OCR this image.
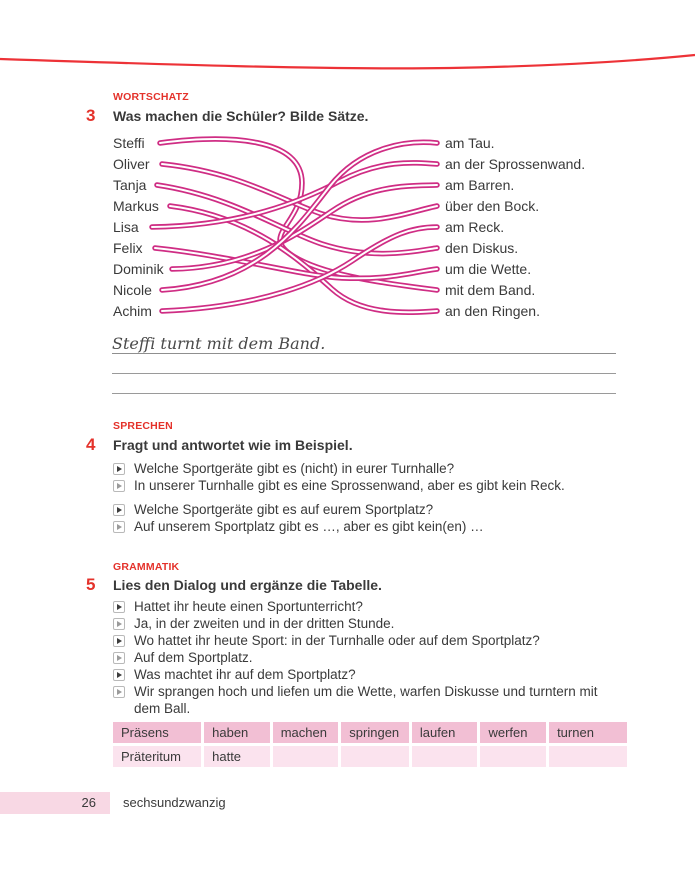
WORTSCHATZ
3 Was machen die Schüler? Bilde Sätze.
Steffi
Oliver
Tanja
Markus
Lisa
Felix
Dominik
Nicole
Achim
am Tau.
an der Sprossenwand.
am Barren.
über den Bock.
am Reck.
den Diskus.
um die Wette.
mit dem Band.
an den Ringen.
Steffi turnt mit dem Band.
SPRECHEN
4 Fragt und antwortet wie im Beispiel.
Welche Sportgeräte gibt es (nicht) in eurer Turnhalle?
In unserer Turnhalle gibt es eine Sprossenwand, aber es gibt kein Reck.
Welche Sportgeräte gibt es auf eurem Sportplatz?
Auf unserem Sportplatz gibt es …, aber es gibt kein(en) …
GRAMMATIK
5 Lies den Dialog und ergänze die Tabelle.
Hattet ihr heute einen Sportunterricht?
Ja, in der zweiten und in der dritten Stunde.
Wo hattet ihr heute Sport: in der Turnhalle oder auf dem Sportplatz?
Auf dem Sportplatz.
Was machtet ihr auf dem Sportplatz?
Wir sprangen hoch und liefen um die Wette, warfen Diskusse und turntern mit dem Ball.
Präsens	haben	machen	springen	laufen	werfen	turnen
Präteritum	hatte					
26	sechsundzwanzig
